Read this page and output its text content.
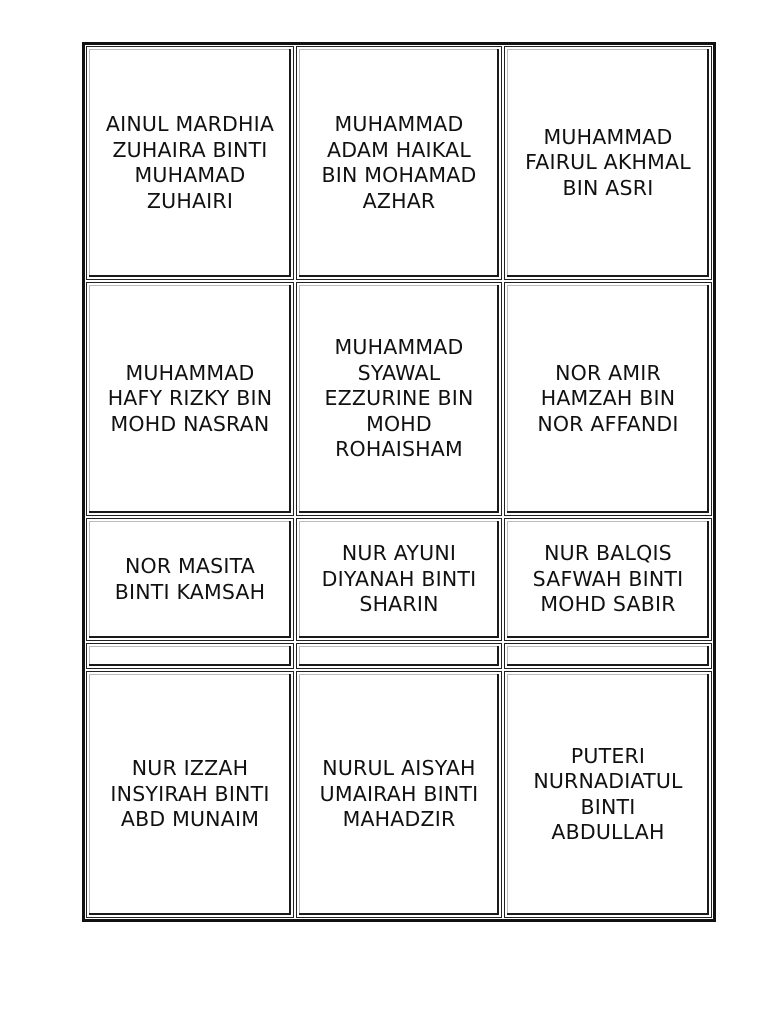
AINUL MARDHIA
ZUHAIRA BINTI
MUHAMAD
ZUHAIRI
MUHAMMAD
ADAM HAIKAL
BIN MOHAMAD
AZHAR
MUHAMMAD
FAIRUL AKHMAL
BIN ASRI
MUHAMMAD
HAFY RIZKY BIN
MOHD NASRAN
MUHAMMAD
SYAWAL
EZZURINE BIN
MOHD
ROHAISHAM
NOR AMIR
HAMZAH BIN
NOR AFFANDI
NOR MASITA
BINTI KAMSAH
NUR AYUNI
DIYANAH BINTI
SHARIN
NUR BALQIS
SAFWAH BINTI
MOHD SABIR
NUR IZZAH
INSYIRAH BINTI
ABD MUNAIM
NURUL AISYAH
UMAIRAH BINTI
MAHADZIR
PUTERI
NURNADIATUL
BINTI
ABDULLAH
